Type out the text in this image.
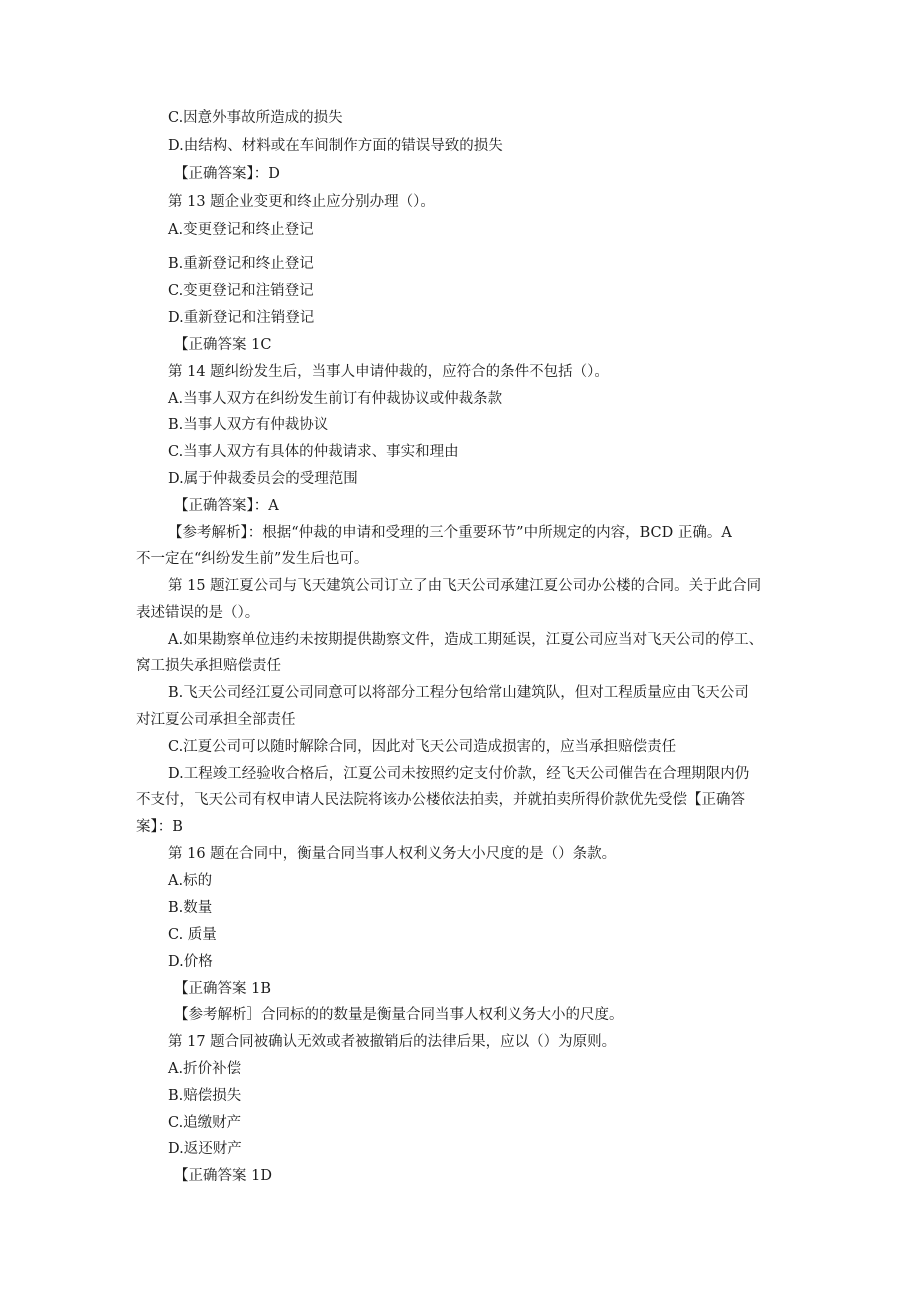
C.因意外事故所造成的损失
D.由结构、材料或在车间制作方面的错误导致的损失
【正确答案】：D
第 13 题企业变更和终止应分别办理（）。
A.变更登记和终止登记
B.重新登记和终止登记
C.变更登记和注销登记
D.重新登记和注销登记
【正确答案 1C
第 14 题纠纷发生后，当事人申请仲裁的，应符合的条件不包括（）。
A.当事人双方在纠纷发生前订有仲裁协议或仲裁条款
B.当事人双方有仲裁协议
C.当事人双方有具体的仲裁请求、事实和理由
D.属于仲裁委员会的受理范围
【正确答案】：A
【参考解析】：根据“仲裁的申请和受理的三个重要环节”中所规定的内容，BCD 正确。A
不一定在“纠纷发生前”发生后也可。
第 15 题江夏公司与飞天建筑公司订立了由飞天公司承建江夏公司办公楼的合同。关于此合同
表述错误的是（）。
A.如果勘察单位违约未按期提供勘察文件，造成工期延误，江夏公司应当对飞天公司的停工、
窝工损失承担赔偿责任
B.飞天公司经江夏公司同意可以将部分工程分包给常山建筑队，但对工程质量应由飞天公司
对江夏公司承担全部责任
C.江夏公司可以随时解除合同，因此对飞天公司造成损害的，应当承担赔偿责任
D.工程竣工经验收合格后，江夏公司未按照约定支付价款，经飞天公司催告在合理期限内仍
不支付，飞天公司有权申请人民法院将该办公楼依法拍卖，并就拍卖所得价款优先受偿【正确答
案】：B
第 16 题在合同中，衡量合同当事人权利义务大小尺度的是（）条款。
A.标的
B.数量
C. 质量
D.价格
【正确答案 1B
【参考解析］合同标的的数量是衡量合同当事人权利义务大小的尺度。
第 17 题合同被确认无效或者被撤销后的法律后果，应以（）为原则。
A.折价补偿
B.赔偿损失
C.追缴财产
D.返还财产
【正确答案 1D
